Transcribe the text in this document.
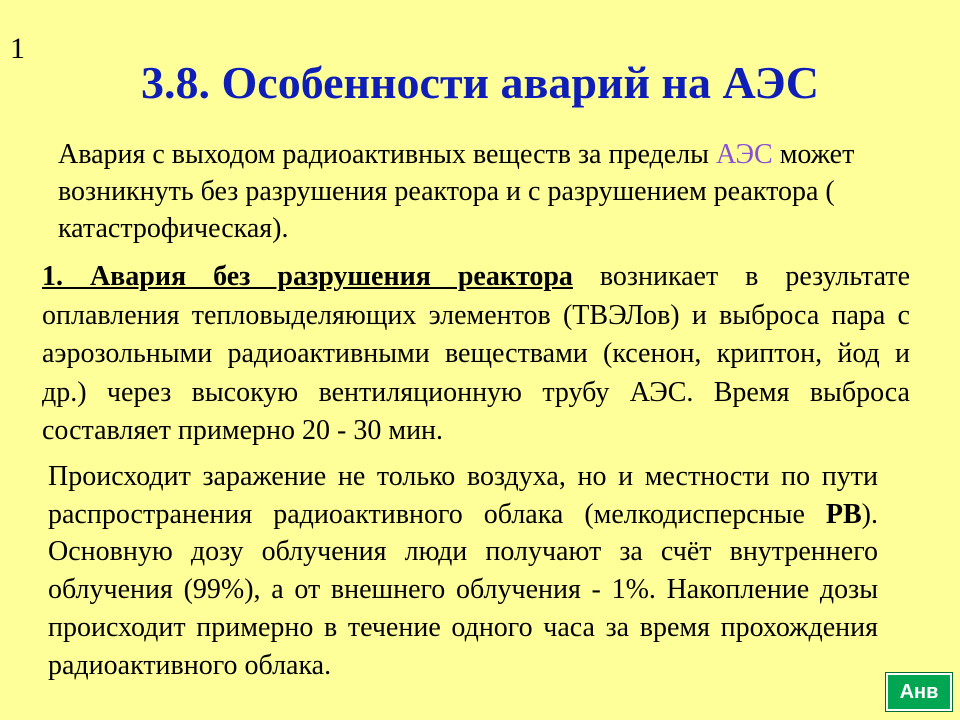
1
3.8. Особенности аварий на АЭС
Авария с выходом радиоактивных веществ за пределы АЭС может возникнуть без разрушения реактора и с разрушением реактора ( катастрофическая).
1. Авария без разрушения реактора возникает в результате оплавления тепловыделяющих элементов (ТВЭЛов) и выброса пара с аэрозольными радиоактивными веществами (ксенон, криптон, йод и др.) через высокую вентиляционную трубу АЭС. Время выброса составляет примерно 20 - 30 мин.
Происходит заражение не только воздуха, но и местности по пути распространения радиоактивного облака (мелкодисперсные РВ). Основную дозу облучения люди получают за счёт внутреннего облучения (99%), а от внешнего облучения - 1%. Накопление дозы происходит примерно в течение одного часа за время прохождения радиоактивного облака.
Анв
